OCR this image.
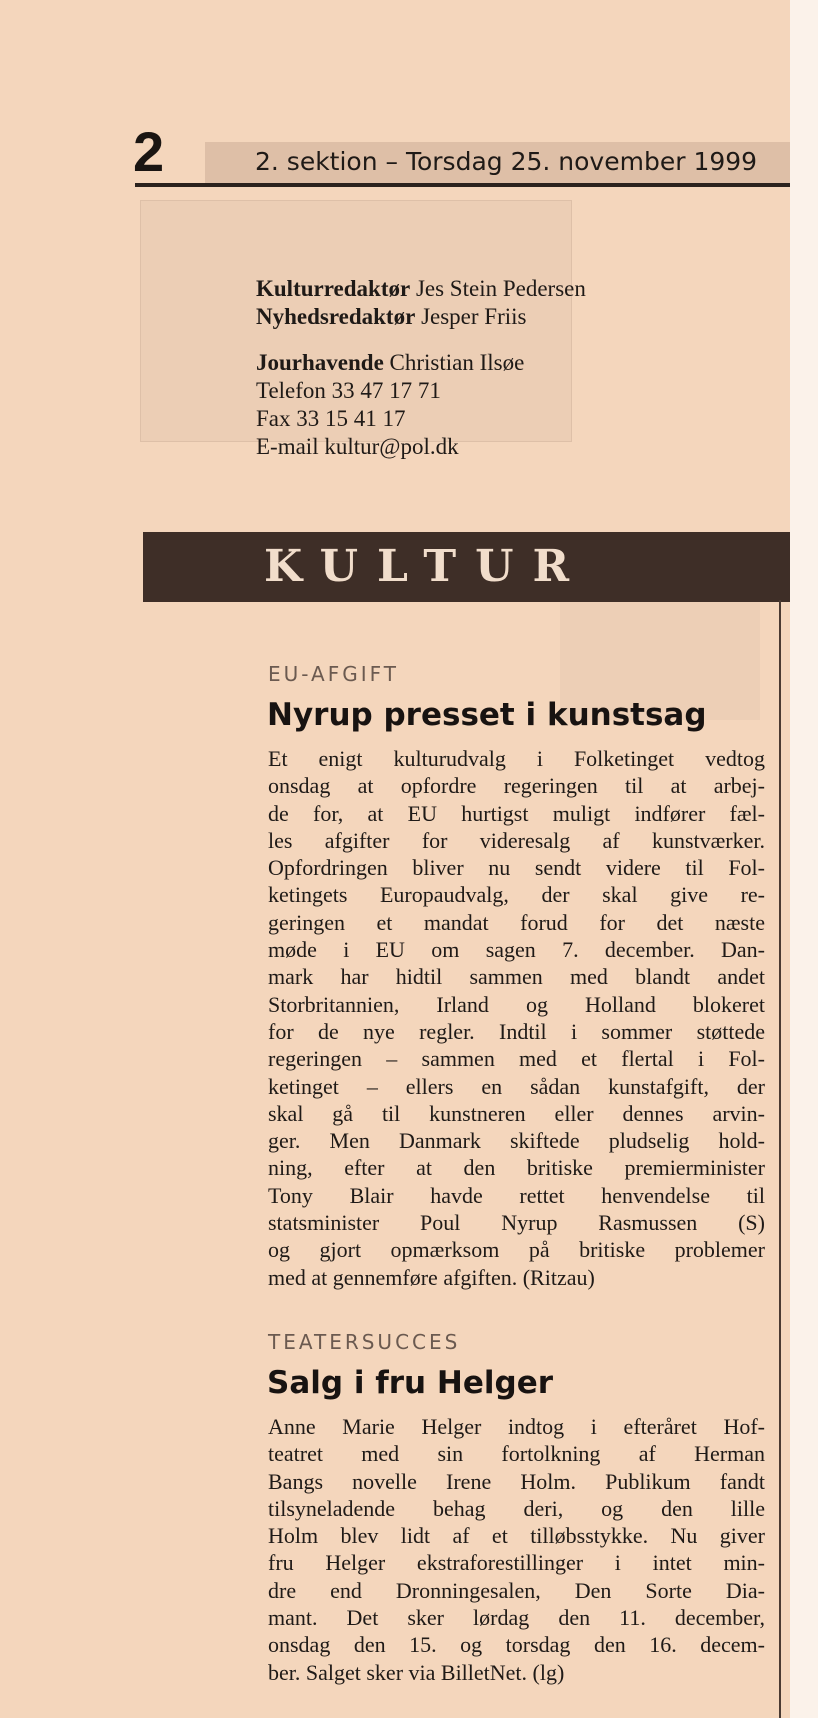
2	2. sektion – Torsdag 25. november 1999

Kulturredaktør Jes Stein Pedersen

Nyhedsredaktør Jesper Friis

Jourhavende Christian Ilsøe

Telefon 33 47 17 71

Fax 33 15 41 17

E-mail kultur@pol.dk

KULTUR
EU-AFGIFT
Nyrup presset i kunstsag
Et enigt kulturudvalg i Folketinget vedtog
onsdag at opfordre regeringen til at arbej-
de for, at EU hurtigst muligt indfører fæl-
les afgifter for videresalg af kunstværker.
Opfordringen bliver nu sendt videre til Fol-
ketingets Europaudvalg, der skal give re-
geringen et mandat forud for det næste
møde i EU om sagen 7. december. Dan-
mark har hidtil sammen med blandt andet
Storbritannien, Irland og Holland blokeret
for de nye regler. Indtil i sommer støttede
regeringen – sammen med et flertal i Fol-
ketinget – ellers en sådan kunstafgift, der
skal gå til kunstneren eller dennes arvin-
ger. Men Danmark skiftede pludselig hold-
ning, efter at den britiske premierminister
Tony Blair havde rettet henvendelse til
statsminister Poul Nyrup Rasmussen (S)
og gjort opmærksom på britiske problemer
med at gennemføre afgiften. (Ritzau)
TEATERSUCCES
Salg i fru Helger
Anne Marie Helger indtog i efteråret Hof-
teatret med sin fortolkning af Herman
Bangs novelle Irene Holm. Publikum fandt
tilsyneladende behag deri, og den lille
Holm blev lidt af et tilløbsstykke. Nu giver
fru Helger ekstraforestillinger i intet min-
dre end Dronningesalen, Den Sorte Dia-
mant. Det sker lørdag den 11. december,
onsdag den 15. og torsdag den 16. decem-
ber. Salget sker via BilletNet. (lg)
